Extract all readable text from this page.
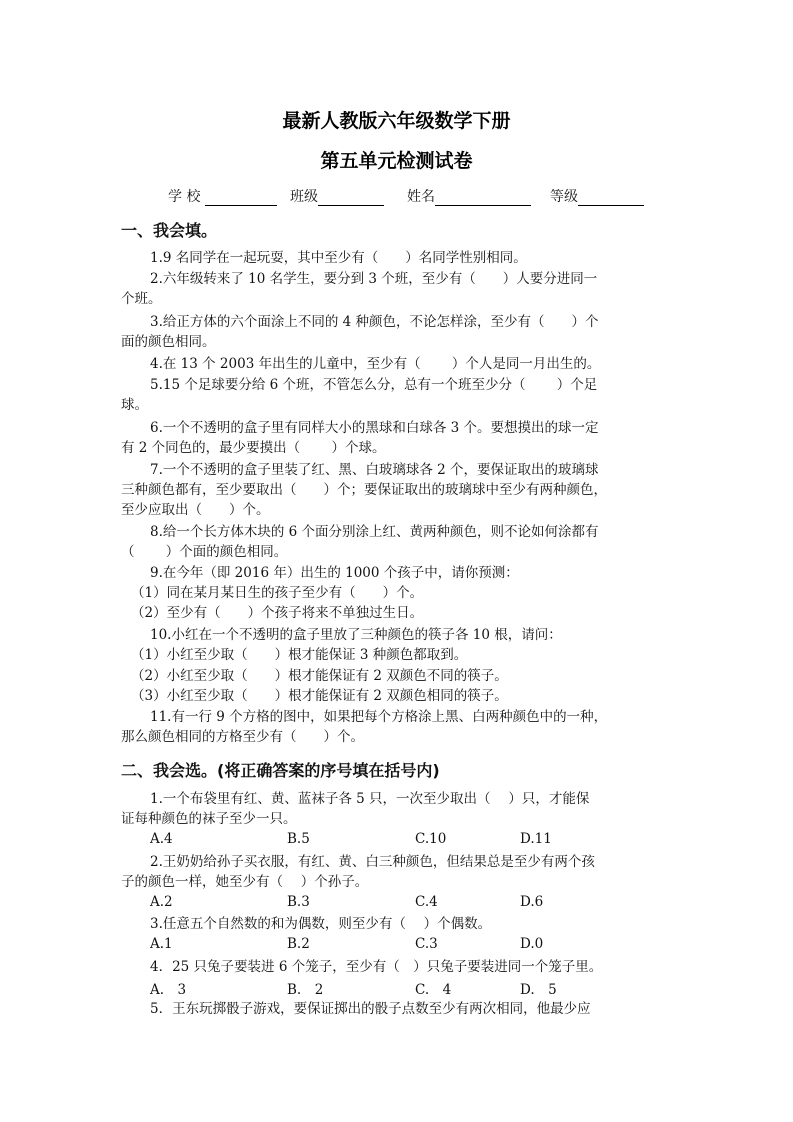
最新人教版六年级数学下册
第五单元检测试卷
学 校	班级	姓名	等级
一、我会填。
1.9 名同学在一起玩耍，其中至少有（　　）名同学性别相同。
2.六年级转来了 10 名学生，要分到 3 个班，至少有（　　）人要分进同一
个班。
3.给正方体的六个面涂上不同的 4 种颜色，不论怎样涂，至少有（　　）个
面的颜色相同。
4.在 13 个 2003 年出生的儿童中，至少有（　　 ）个人是同一月出生的。
5.15 个足球要分给 6 个班，不管怎么分，总有一个班至少分（　　 ）个足
球。
6.一个不透明的盒子里有同样大小的黑球和白球各 3 个。要想摸出的球一定
有 2 个同色的，最少要摸出（　　 ）个球。
7.一个不透明的盒子里装了红、黑、白玻璃球各 2 个，要保证取出的玻璃球
三种颜色都有，至少要取出（　　）个；要保证取出的玻璃球中至少有两种颜色，
至少应取出（　　）个。
8.给一个长方体木块的 6 个面分别涂上红、黄两种颜色，则不论如何涂都有
（　　 ）个面的颜色相同。
9.在今年（即 2016 年）出生的 1000 个孩子中，请你预测：
（1）同在某月某日生的孩子至少有（　　）个。
（2）至少有（　　）个孩子将来不单独过生日。
10.小红在一个不透明的盒子里放了三种颜色的筷子各 10 根，请问：
（1）小红至少取（　　）根才能保证 3 种颜色都取到。
（2）小红至少取（　　）根才能保证有 2 双颜色不同的筷子。
（3）小红至少取（　　）根才能保证有 2 双颜色相同的筷子。
11.有一行 9 个方格的图中，如果把每个方格涂上黑、白两种颜色中的一种，
那么颜色相同的方格至少有（　　）个。
二、我会选。(将正确答案的序号填在括号内)
1.一个布袋里有红、黄、蓝袜子各 5 只，一次至少取出（　 ）只，才能保
证每种颜色的袜子至少一只。
A.4	B.5	C.10	D.11
2.王奶奶给孙子买衣服，有红、黄、白三种颜色，但结果总是至少有两个孩
子的颜色一样，她至少有（　 ）个孙子。
A.2	B.3	C.4	D.6
3.任意五个自然数的和为偶数，则至少有（　 ）个偶数。
A.1	B.2	C.3	D.0
4．25 只兔子要装进 6 个笼子，至少有（　）只兔子要装进同一个笼子里。
A.　3	B.　2	C.　4	D.　5
5．王东玩掷骰子游戏，要保证掷出的骰子点数至少有两次相同，他最少应
